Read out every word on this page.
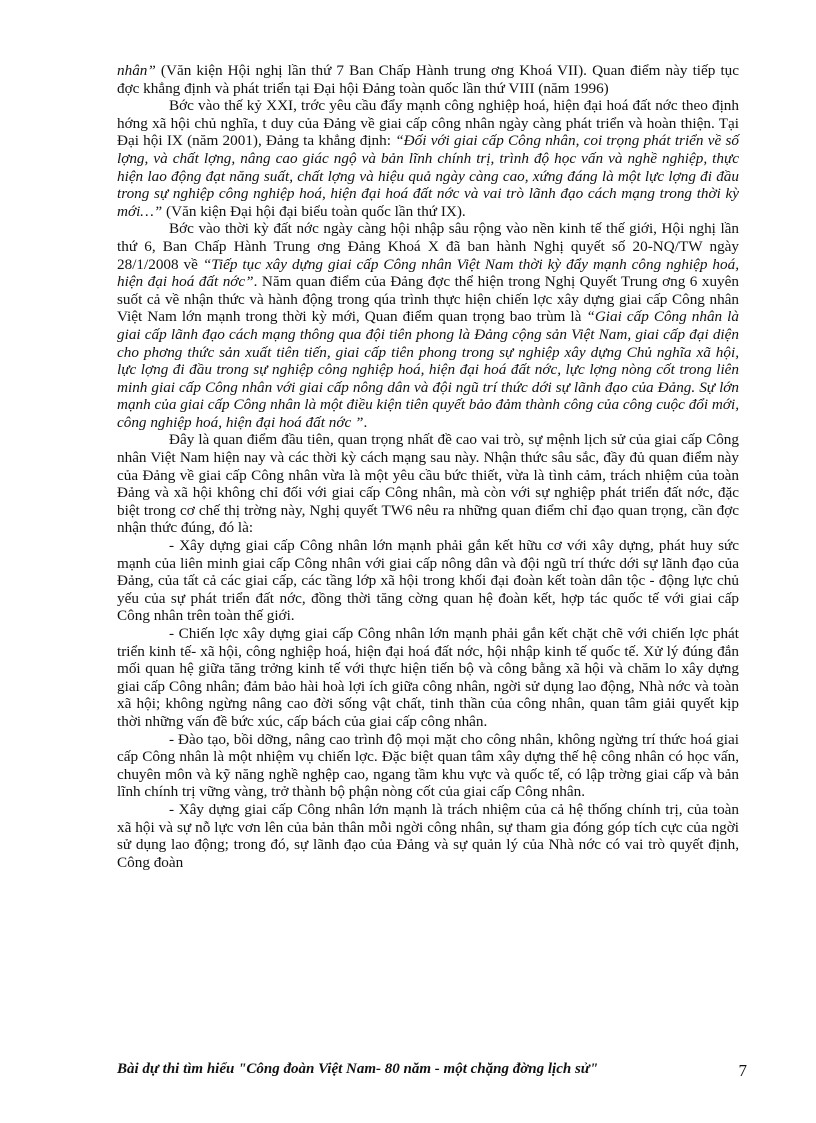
nhân” (Văn kiện Hội nghị lần thứ 7 Ban Chấp Hành trung ơng Khoá VII). Quan điểm này tiếp tục đợc khẳng định và phát triển tại Đại hội Đảng toàn quốc lần thứ VIII (năm 1996)

Bớc vào thế kỷ XXI, trớc yêu cầu đẩy mạnh công nghiệp hoá, hiện đại hoá đất nớc theo định hớng xã hội chủ nghĩa, t duy của Đảng về giai cấp công nhân ngày càng phát triển và hoàn thiện. Tại Đại hội IX (năm 2001), Đảng ta khẳng định: “Đối với giai cấp Công nhân, coi trọng phát triển về số lợng, và chất lợng, nâng cao giác ngộ và bản lĩnh chính trị, trình độ học vấn và nghề nghiệp, thực hiện lao động đạt năng suất, chất lợng và hiệu quả ngày càng cao, xứng đáng là một lực lợng đi đầu trong sự nghiệp công nghiệp hoá, hiện đại hoá đất nớc và vai trò lãnh đạo cách mạng trong thời kỳ mới…” (Văn kiện Đại hội đại biểu toàn quốc lần thứ IX).

Bớc vào thời kỳ đất nớc ngày càng hội nhập sâu rộng vào nền kinh tế thế giới, Hội nghị lần thứ 6, Ban Chấp Hành Trung ơng Đảng Khoá X đã ban hành Nghị quyết số 20-NQ/TW ngày 28/1/2008 về “Tiếp tục xây dựng giai cấp Công nhân Việt Nam thời kỳ đẩy mạnh công nghiệp hoá, hiện đại hoá đất nớc”. Năm quan điểm của Đảng đợc thể hiện trong Nghị Quyết Trung ơng 6 xuyên suốt cả về nhận thức và hành động trong qúa trình thực hiện chiến lợc xây dựng giai cấp Công nhân Việt Nam lớn mạnh trong thời kỳ mới, Quan điểm quan trọng bao trùm là “Giai cấp Công nhân là giai cấp lãnh đạo cách mạng thông qua đội tiên phong là Đảng cộng sản Việt Nam, giai cấp đại diện cho phơng thức sản xuất tiên tiến, giai cấp tiên phong trong sự nghiệp xây dựng Chủ nghĩa xã hội, lực lợng đi đầu trong sự nghiệp công nghiệp hoá, hiện đại hoá đất nớc, lực lợng nòng cốt trong liên minh giai cấp Công nhân với giai cấp nông dân và đội ngũ trí thức dới sự lãnh đạo của Đảng. Sự lớn mạnh của giai cấp Công nhân là một điều kiện tiên quyết bảo đảm thành công của công cuộc đổi mới, công nghiệp hoá, hiện đại hoá đất nớc ”.

Đây là quan điểm đầu tiên, quan trọng nhất đề cao vai trò, sự mệnh lịch sử của giai cấp Công nhân Việt Nam hiện nay và các thời kỳ cách mạng sau này. Nhận thức sâu sắc, đầy đủ quan điểm này của Đảng về giai cấp Công nhân vừa là một yêu cầu bức thiết, vừa là tình cảm, trách nhiệm của toàn Đảng và xã hội không chỉ đối với giai cấp Công nhân, mà còn với sự nghiệp phát triển đất nớc, đặc biệt trong cơ chế thị trờng này, Nghị quyết TW6 nêu ra những quan điểm chỉ đạo quan trọng, cần đợc nhận thức đúng, đó là:

- Xây dựng giai cấp Công nhân lớn mạnh phải gắn kết hữu cơ với xây dựng, phát huy sức mạnh của liên minh giai cấp Công nhân với giai cấp nông dân và đội ngũ trí thức dới sự lãnh đạo của Đảng, của tất cả các giai cấp, các tầng lớp xã hội trong khối đại đoàn kết toàn dân tộc - động lực chủ yếu của sự phát triển đất nớc, đồng thời tăng cờng quan hệ đoàn kết, hợp tác quốc tế với giai cấp Công nhân trên toàn thế giới.

- Chiến lợc xây dựng giai cấp Công nhân lớn mạnh phải gắn kết chặt chẽ với chiến lợc phát triển kinh tế- xã hội, công nghiệp hoá, hiện đại hoá đất nớc, hội nhập kinh tế quốc tế. Xử lý đúng đắn mối quan hệ giữa tăng trởng kinh tế với thực hiện tiến bộ và công bằng xã hội và chăm lo xây dựng giai cấp Công nhân; đảm bảo hài hoà lợi ích giữa công nhân, ngời sử dụng lao động, Nhà nớc và toàn xã hội; không ngừng nâng cao đời sống vật chất, tinh thần của công nhân, quan tâm giải quyết kịp thời những vấn đề bức xúc, cấp bách của giai cấp công nhân.

- Đào tạo, bồi dỡng, nâng cao trình độ mọi mặt cho công nhân, không ngừng trí thức hoá giai cấp Công nhân là một nhiệm vụ chiến lợc. Đặc biệt quan tâm xây dựng thế hệ công nhân có học vấn, chuyên môn và kỹ năng nghề nghệp cao, ngang tầm khu vực và quốc tế, có lập trờng giai cấp và bản lĩnh chính trị vững vàng, trở thành bộ phận nòng cốt của giai cấp Công nhân.

- Xây dựng giai cấp Công nhân lớn mạnh là trách nhiệm của cả hệ thống chính trị, của toàn xã hội và sự nỗ lực vơn lên của bản thân mỗi ngời công nhân, sự tham gia đóng góp tích cực của ngời sử dụng lao động; trong đó, sự lãnh đạo của Đảng và sự quản lý của Nhà nớc có vai trò quyết định, Công đoàn

Bài dự thi tìm hiểu "Công đoàn Việt Nam- 80 năm - một chặng đờng lịch sử"	7
